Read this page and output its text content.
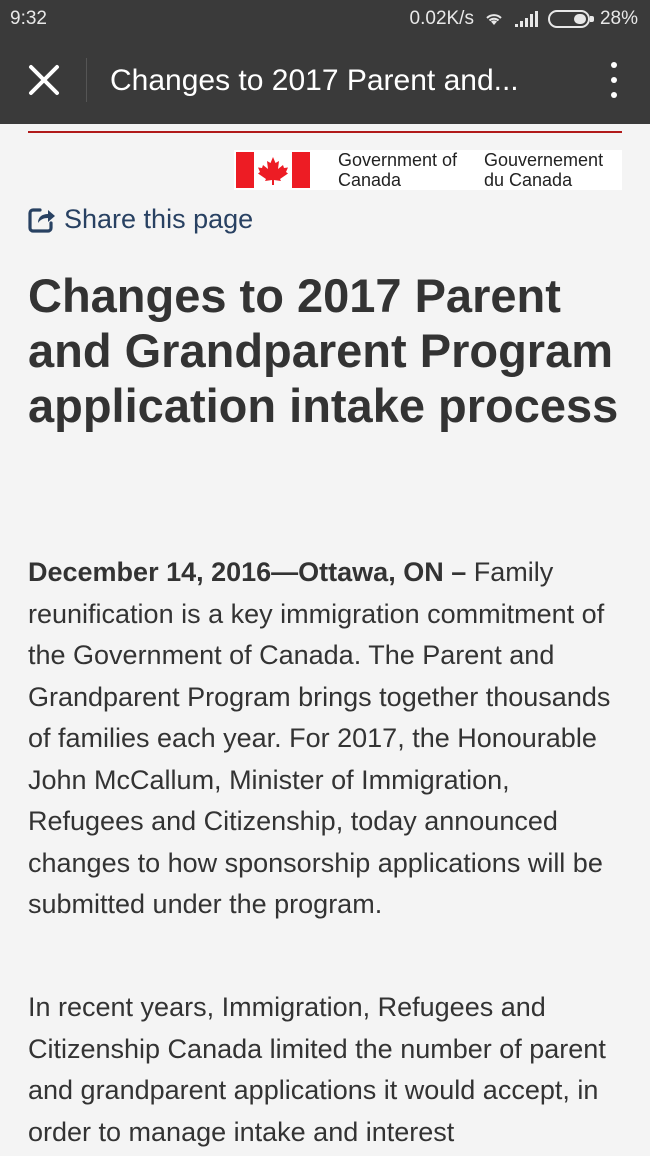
9:32	0.02K/s	28%
Changes to 2017 Parent and...
Government of Canada
Gouvernement du Canada
Share this page
Changes to 2017 Parent and Grandparent Program application intake process

December 14, 2016—Ottawa, ON – Family reunification is a key immigration commitment of the Government of Canada. The Parent and Grandparent Program brings together thousands of families each year. For 2017, the Honourable John McCallum, Minister of Immigration, Refugees and Citizenship, today announced changes to how sponsorship applications will be submitted under the program.

In recent years, Immigration, Refugees and Citizenship Canada limited the number of parent and grandparent applications it would accept, in order to manage intake and interest
